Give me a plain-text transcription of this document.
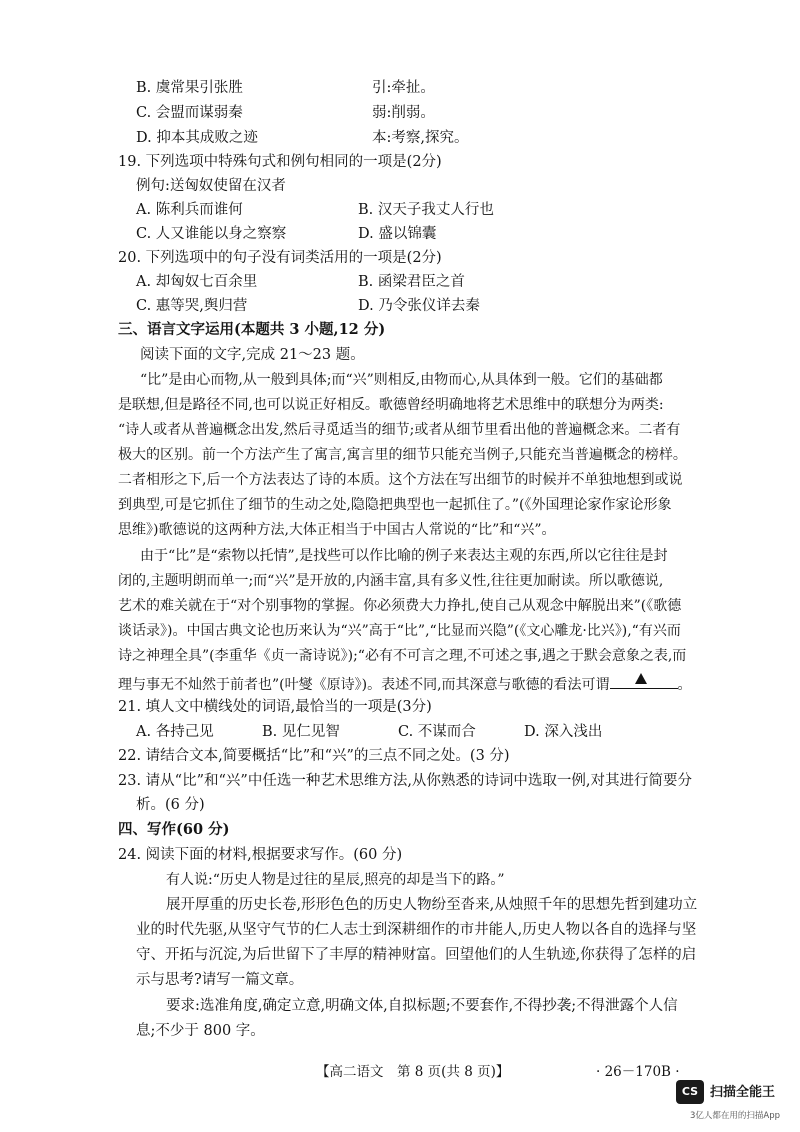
B. 虞常果引张胜	引:牵扯。
C. 会盟而谋弱秦	弱:削弱。
D. 抑本其成败之迹	本:考察,探究。
19. 下列选项中特殊句式和例句相同的一项是(2分)
例句:送匈奴使留在汉者
A. 陈利兵而谁何	B. 汉天子我丈人行也
C. 人又谁能以身之察察	D. 盛以锦囊
20. 下列选项中的句子没有词类活用的一项是(2分)
A. 却匈奴七百余里	B. 函梁君臣之首
C. 惠等哭,舆归营	D. 乃令张仪详去秦
三、语言文字运用(本题共 3 小题,12 分)
阅读下面的文字,完成 21～23 题。
“比”是由心而物,从一般到具体;而“兴”则相反,由物而心,从具体到一般。它们的基础都
是联想,但是路径不同,也可以说正好相反。歌德曾经明确地将艺术思维中的联想分为两类:
“诗人或者从普遍概念出发,然后寻觅适当的细节;或者从细节里看出他的普遍概念来。二者有
极大的区别。前一个方法产生了寓言,寓言里的细节只能充当例子,只能充当普遍概念的榜样。
二者相形之下,后一个方法表达了诗的本质。这个方法在写出细节的时候并不单独地想到或说
到典型,可是它抓住了细节的生动之处,隐隐把典型也一起抓住了。”(《外国理论家作家论形象
思维》)歌德说的这两种方法,大体正相当于中国古人常说的“比”和“兴”。
由于“比”是“索物以托情”,是找些可以作比喻的例子来表达主观的东西,所以它往往是封
闭的,主题明朗而单一;而“兴”是开放的,内涵丰富,具有多义性,往往更加耐读。所以歌德说,
艺术的难关就在于“对个别事物的掌握。你必须费大力挣扎,使自己从观念中解脱出来”(《歌德
谈话录》)。中国古典文论也历来认为“兴”高于“比”,“比显而兴隐”(《文心雕龙·比兴》),“有兴而
诗之神理全具”(李重华《贞一斋诗说》);“必有不可言之理,不可述之事,遇之于默会意象之表,而
理与事无不灿然于前者也”(叶燮《原诗》)。表述不同,而其深意与歌德的看法可谓	。
21. 填人文中横线处的词语,最恰当的一项是(3分)
A. 各持己见	B. 见仁见智	C. 不谋而合	D. 深入浅出
22. 请结合文本,简要概括“比”和“兴”的三点不同之处。(3 分)
23. 请从“比”和“兴”中任选一种艺术思维方法,从你熟悉的诗词中选取一例,对其进行简要分
析。(6 分)
四、写作(60 分)
24. 阅读下面的材料,根据要求写作。(60 分)
有人说:“历史人物是过往的星辰,照亮的却是当下的路。”
展开厚重的历史长卷,形形色色的历史人物纷至沓来,从烛照千年的思想先哲到建功立
业的时代先驱,从坚守气节的仁人志士到深耕细作的市井能人,历史人物以各自的选择与坚
守、开拓与沉淀,为后世留下了丰厚的精神财富。回望他们的人生轨迹,你获得了怎样的启
示与思考?请写一篇文章。
要求:选准角度,确定立意,明确文体,自拟标题;不要套作,不得抄袭;不得泄露个人信
息;不少于 800 字。
【高二语文　第 8 页(共 8 页)】	· 26－170B ·
CS 扫描全能王
3亿人都在用的扫描App
